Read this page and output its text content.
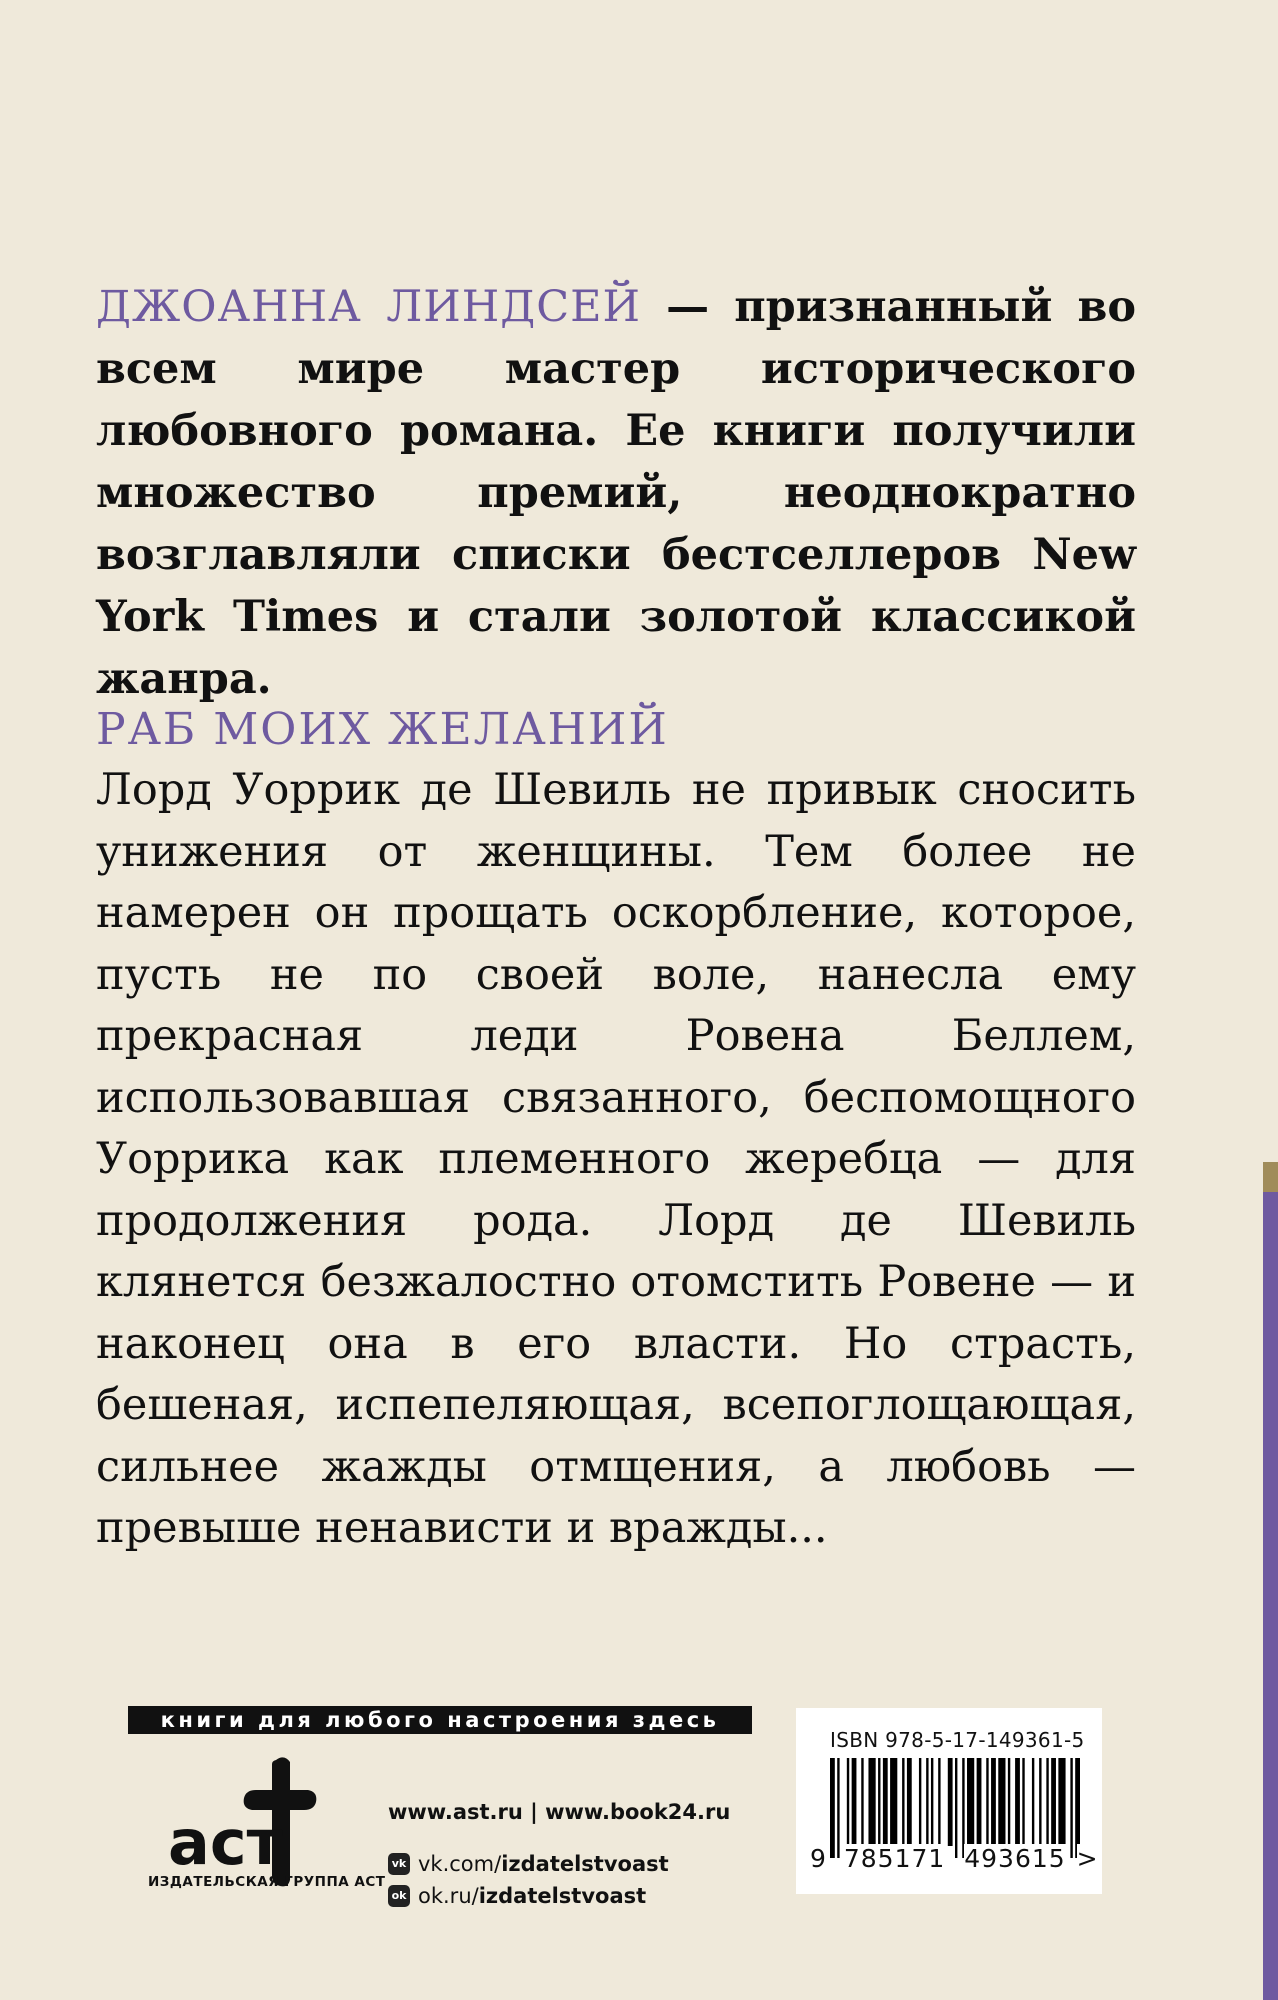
ДЖОАННА ЛИНДСЕЙ — признанный во всем мире мастер исторического любовного романа. Ее книги получили множество премий, неоднократно возглавляли списки бестселлеров New York Times и стали золотой классикой жанра.
РАБ МОИХ ЖЕЛАНИЙ
Лорд Уоррик де Шевиль не привык сносить унижения от женщины. Тем более не намерен он прощать оскорбление, которое, пусть не по своей воле, нанесла ему прекрасная леди Ровена Беллем, использовавшая связанного, беспомощного Уоррика как племенного жеребца — для продолжения рода. Лорд де Шевиль клянется безжалостно отомстить Ровене — и наконец она в его власти. Но страсть, бешеная, испепеляющая, всепоглощающая, сильнее жажды отмщения, а любовь — превыше ненависти и вражды...
книги для любого настроения здесь
аст
ИЗДАТЕЛЬСКАЯ ГРУППА АСТ
www.ast.ru | www.book24.ru
vk vk.com/ izdatelstvoast
ok ok.ru/ izdatelstvoast
ISBN 978-5-17-149361-5
9 785171 493615 >
